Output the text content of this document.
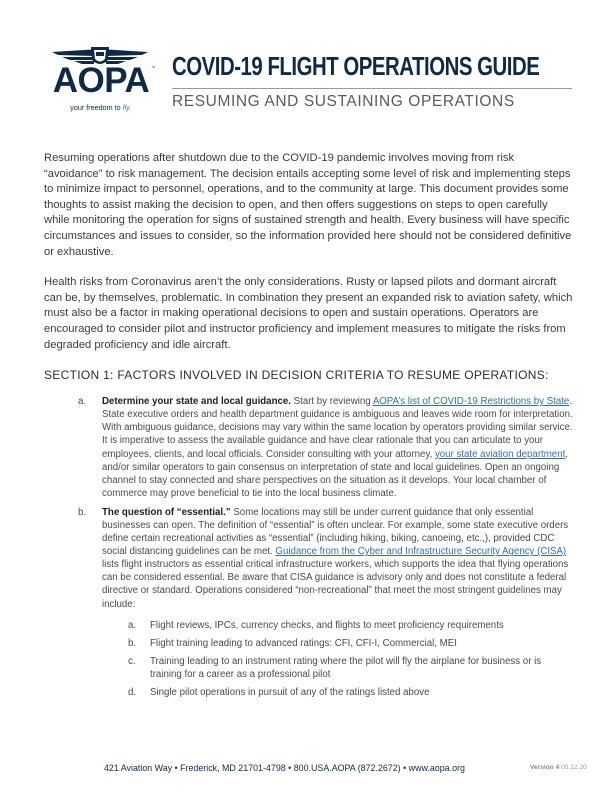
AOPA ™
your freedom to fly
COVID-19 FLIGHT OPERATIONS GUIDE
RESUMING AND SUSTAINING OPERATIONS

Resuming operations after shutdown due to the COVID-19 pandemic involves moving from risk “avoidance” to risk management. The decision entails accepting some level of risk and implementing steps to minimize impact to personnel, operations, and to the community at large. This document provides some thoughts to assist making the decision to open, and then offers suggestions on steps to open carefully while monitoring the operation for signs of sustained strength and health. Every business will have specific circumstances and issues to consider, so the information provided here should not be considered definitive or exhaustive.

Health risks from Coronavirus aren’t the only considerations. Rusty or lapsed pilots and dormant aircraft can be, by themselves, problematic. In combination they present an expanded risk to aviation safety, which must also be a factor in making operational decisions to open and sustain operations. Operators are encouraged to consider pilot and instructor proficiency and implement measures to mitigate the risks from degraded proficiency and idle aircraft.

SECTION 1: FACTORS INVOLVED IN DECISION CRITERIA TO RESUME OPERATIONS:
a. Determine your state and local guidance. Start by reviewing AOPA’s list of COVID-19 Restrictions by State. State executive orders and health department guidance is ambiguous and leaves wide room for interpretation. With ambiguous guidance, decisions may vary within the same location by operators providing similar service. It is imperative to assess the available guidance and have clear rationale that you can articulate to your employees, clients, and local officials. Consider consulting with your attorney, your state aviation department, and/or similar operators to gain consensus on interpretation of state and local guidelines. Open an ongoing channel to stay connected and share perspectives on the situation as it develops. Your local chamber of commerce may prove beneficial to tie into the local business climate.
b. The question of “essential.” Some locations may still be under current guidance that only essential businesses can open. The definition of “essential” is often unclear. For example, some state executive orders define certain recreational activities as “essential” (including hiking, biking, canoeing, etc.,), provided CDC social distancing guidelines can be met. Guidance from the Cyber and Infrastructure Security Agency (CISA) lists flight instructors as essential critical infrastructure workers, which supports the idea that flying operations can be considered essential. Be aware that CISA guidance is advisory only and does not constitute a federal directive or standard. Operations considered “non-recreational” that meet the most stringent guidelines may include:
a. Flight reviews, IPCs, currency checks, and flights to meet proficiency requirements
b. Flight training leading to advanced ratings: CFI, CFI-I, Commercial, MEI
c. Training leading to an instrument rating where the pilot will fly the airplane for business or is training for a career as a professional pilot
d. Single pilot operations in pursuit of any of the ratings listed above
421 Aviation Way • Frederick, MD 21701-4798 • 800.USA.AOPA (872.2672) • www.aopa.org	Version 4 05.12.20
